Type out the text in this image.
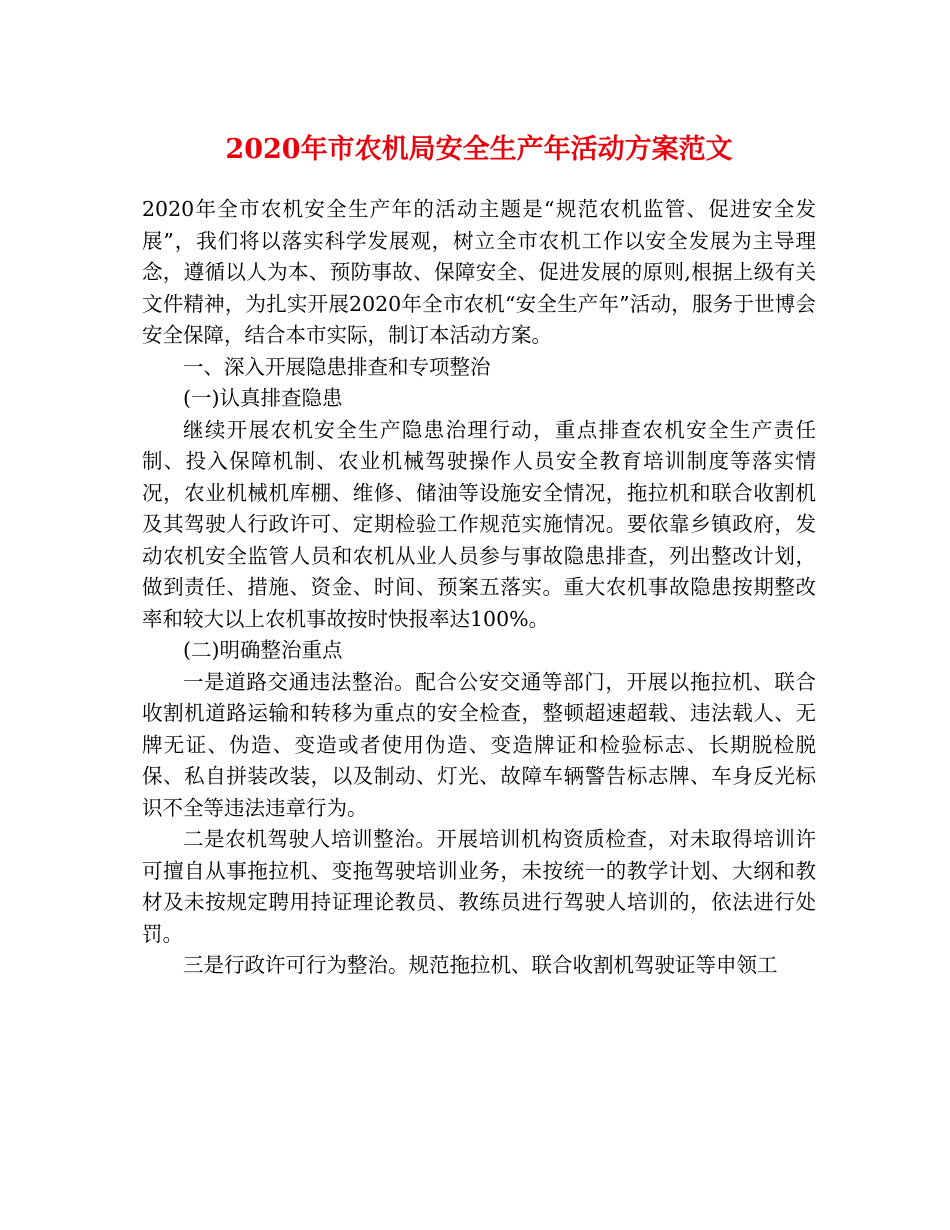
2020年市农机局安全生产年活动方案范文

2020年全市农机安全生产年的活动主题是“规范农机监管、促进安全发展”，我们将以落实科学发展观，树立全市农机工作以安全发展为主导理念，遵循以人为本、预防事故、保障安全、促进发展的原则,根据上级有关文件精神，为扎实开展2020年全市农机“安全生产年”活动，服务于世博会安全保障，结合本市实际，制订本活动方案。

一、深入开展隐患排查和专项整治

(一)认真排查隐患

继续开展农机安全生产隐患治理行动，重点排查农机安全生产责任制、投入保障机制、农业机械驾驶操作人员安全教育培训制度等落实情况，农业机械机库棚、维修、储油等设施安全情况，拖拉机和联合收割机及其驾驶人行政许可、定期检验工作规范实施情况。要依靠乡镇政府，发动农机安全监管人员和农机从业人员参与事故隐患排查，列出整改计划，做到责任、措施、资金、时间、预案五落实。重大农机事故隐患按期整改率和较大以上农机事故按时快报率达100%。

(二)明确整治重点

一是道路交通违法整治。配合公安交通等部门，开展以拖拉机、联合收割机道路运输和转移为重点的安全检查，整顿超速超载、违法载人、无牌无证、伪造、变造或者使用伪造、变造牌证和检验标志、长期脱检脱保、私自拼装改装，以及制动、灯光、故障车辆警告标志牌、车身反光标识不全等违法违章行为。

二是农机驾驶人培训整治。开展培训机构资质检查，对未取得培训许可擅自从事拖拉机、变拖驾驶培训业务，未按统一的教学计划、大纲和教材及未按规定聘用持证理论教员、教练员进行驾驶人培训的，依法进行处罚。

三是行政许可行为整治。规范拖拉机、联合收割机驾驶证等申领工
